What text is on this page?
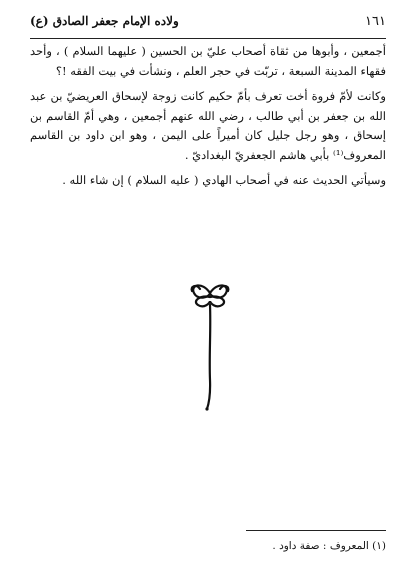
١٦١
ولاده الإمام جعفر الصادق (ع)

أجمعين ، وأبوها من ثقاة أصحاب عليّ بن الحسين ( عليهما السلام ) ، وأحد فقهاء المدينة السبعة ، تربّت في حجر العلم ، ونشأت في بيت الفقه !؟

وكانت لأمّ فروة أخت تعرف بأمّ حكيم كانت زوجة لإسحاق العريضيّ بن عبد الله بن جعفر بن أبي طالب ، رضي الله عنهم أجمعين ، وهي أمّ القاسم بن إسحاق ، وهو رجل جليل كان أميراً على اليمن ، وهو ابن داود بن القاسم المعروف⁽¹⁾ بأبي هاشم الجعفريّ البغداديّ .

وسيأتي الحديث عنه في أصحاب الهادي ( عليه السلام ) إن شاء الله .

(١) المعروف : صفة داود .
